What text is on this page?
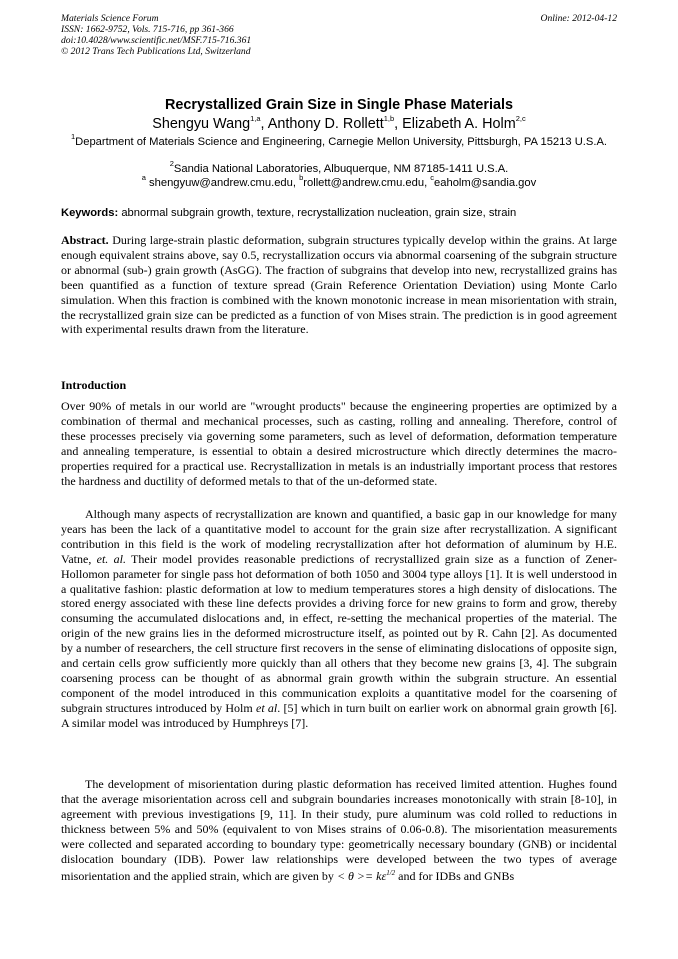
Materials Science Forum
ISSN: 1662-9752, Vols. 715-716, pp 361-366
doi:10.4028/www.scientific.net/MSF.715-716.361
© 2012 Trans Tech Publications Ltd, Switzerland
Online: 2012-04-12
Recrystallized Grain Size in Single Phase Materials
Shengyu Wang$^{1,a}$, Anthony D. Rollett$^{1,b}$, Elizabeth A. Holm$^{2,c}$
$^1$Department of Materials Science and Engineering, Carnegie Mellon University, Pittsburgh, PA 15213 U.S.A.
$^2$Sandia National Laboratories, Albuquerque, NM 87185-1411 U.S.A.
$^a$ shengyuw@andrew.cmu.edu, $^b$rollett@andrew.cmu.edu, $^c$eaholm@sandia.gov
Keywords: abnormal subgrain growth, texture, recrystallization nucleation, grain size, strain

Abstract. During large-strain plastic deformation, subgrain structures typically develop within the grains. At large enough equivalent strains above, say 0.5, recrystallization occurs via abnormal coarsening of the subgrain structure or abnormal (sub-) grain growth (AsGG). The fraction of subgrains that develop into new, recrystallized grains has been quantified as a function of texture spread (Grain Reference Orientation Deviation) using Monte Carlo simulation. When this fraction is combined with the known monotonic increase in mean misorientation with strain, the recrystallized grain size can be predicted as a function of von Mises strain. The prediction is in good agreement with experimental results drawn from the literature.

Introduction

Over 90% of metals in our world are "wrought products" because the engineering properties are optimized by a combination of thermal and mechanical processes, such as casting, rolling and annealing. Therefore, control of these processes precisely via governing some parameters, such as level of deformation, deformation temperature and annealing temperature, is essential to obtain a desired microstructure which directly determines the macro-properties required for a practical use. Recrystallization in metals is an industrially important process that restores the hardness and ductility of deformed metals to that of the un-deformed state.

Although many aspects of recrystallization are known and quantified, a basic gap in our knowledge for many years has been the lack of a quantitative model to account for the grain size after recrystallization. A significant contribution in this field is the work of modeling recrystallization after hot deformation of aluminum by H.E. Vatne, et. al. Their model provides reasonable predictions of recrystallized grain size as a function of Zener-Hollomon parameter for single pass hot deformation of both 1050 and 3004 type alloys [1]. It is well understood in a qualitative fashion: plastic deformation at low to medium temperatures stores a high density of dislocations. The stored energy associated with these line defects provides a driving force for new grains to form and grow, thereby consuming the accumulated dislocations and, in effect, re-setting the mechanical properties of the material. The origin of the new grains lies in the deformed microstructure itself, as pointed out by R. Cahn [2]. As documented by a number of researchers, the cell structure first recovers in the sense of eliminating dislocations of opposite sign, and certain cells grow sufficiently more quickly than all others that they become new grains [3, 4]. The subgrain coarsening process can be thought of as abnormal grain growth within the subgrain structure. An essential component of the model introduced in this communication exploits a quantitative model for the coarsening of subgrain structures introduced by Holm et al. [5] which in turn built on earlier work on abnormal grain growth [6]. A similar model was introduced by Humphreys [7].

The development of misorientation during plastic deformation has received limited attention. Hughes found that the average misorientation across cell and subgrain boundaries increases monotonically with strain [8-10], in agreement with previous investigations [9, 11]. In their study, pure aluminum was cold rolled to reductions in thickness between 5% and 50% (equivalent to von Mises strains of 0.06-0.8). The misorientation measurements were collected and separated according to boundary type: geometrically necessary boundary (GNB) or incidental dislocation boundary (IDB). Power law relationships were developed between the two types of average misorientation and the applied strain, which are given by < $\theta >= k\varepsilon^{1/2}$ and for IDBs and GNBs
